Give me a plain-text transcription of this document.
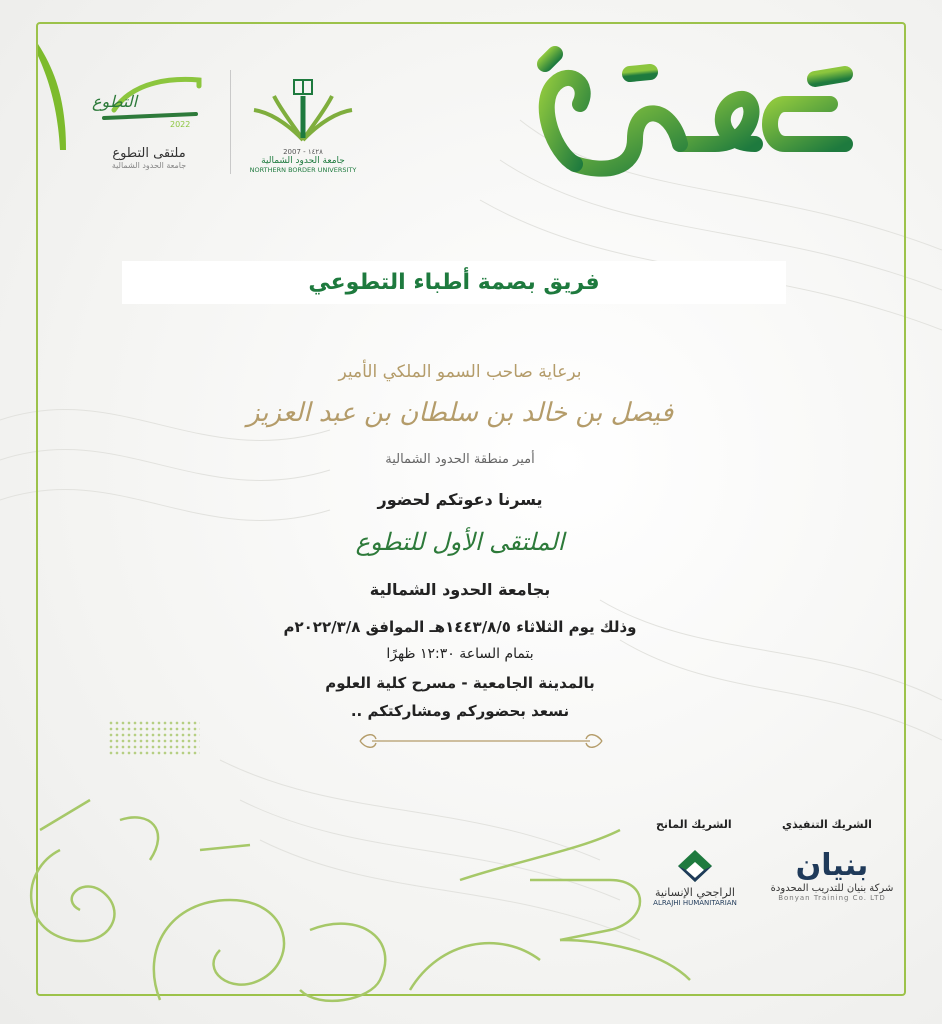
2007 - ١٤٢٨
جامعة الحدود الشمالية
NORTHERN BORDER UNIVERSITY
التطوع
2022
ملتقى التطوع
جامعة الحدود الشمالية
فريق بصمة أطباء التطوعي
برعاية صاحب السمو الملكي الأمير
فيصل بن خالد بن سلطان بن عبد العزيز
أمير منطقة الحدود الشمالية
يسرنا دعوتكم لحضور
الملتقى الأول للتطوع
بجامعة الحدود الشمالية
وذلك يوم الثلاثاء ١٤٤٣/٨/٥هـ الموافق ٢٠٢٢/٣/٨م
بتمام الساعة ١٢:٣٠ ظهرًا
بالمدينة الجامعية - مسرح كلية العلوم
نسعد بحضوركم ومشاركتكم ..
الشريك التنفيذي
الشريك المانح
بنيان
شركة بنيان للتدريب المحدودة
Bonyan Training Co. LTD
الراجحي الإنسانية
ALRAJHI HUMANITARIAN
